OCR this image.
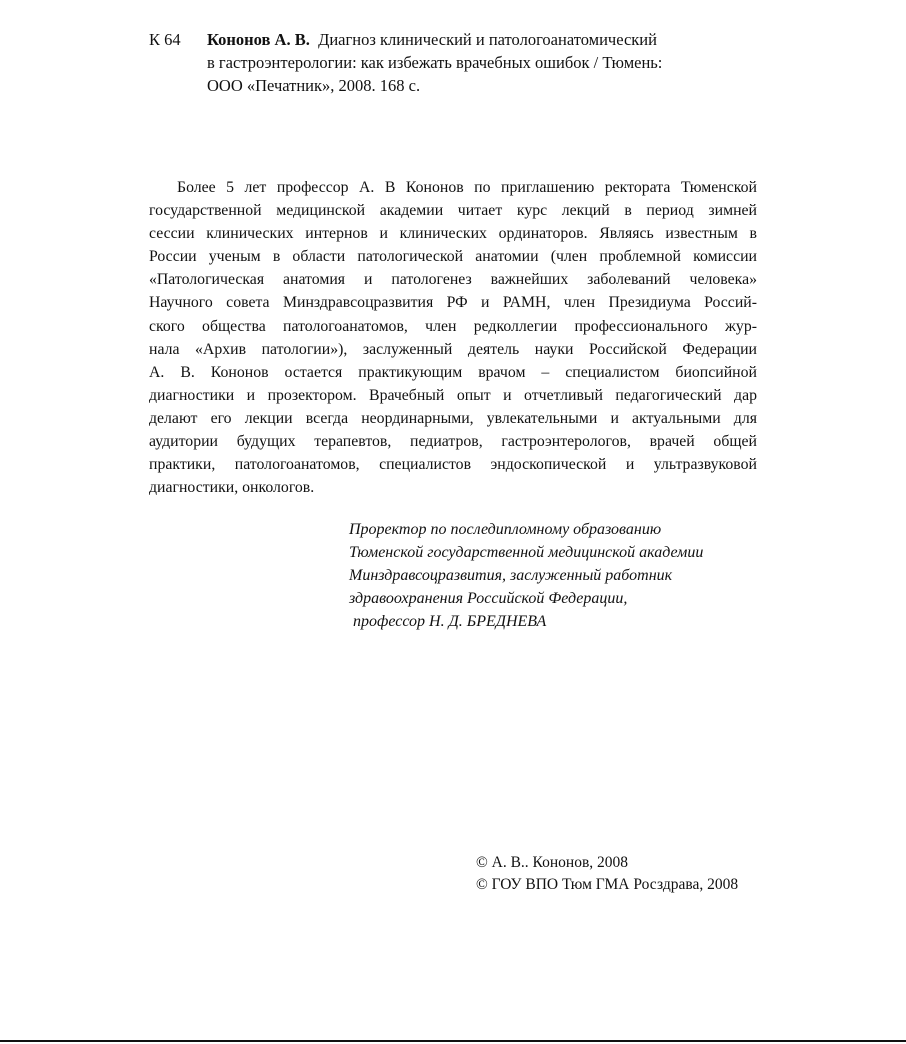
К 64	Кононов А. В. Диагноз клинический и патологоанатомический
в гастроэнтерологии: как избежать врачебных ошибок / Тюмень:
ООО «Печатник», 2008. 168 с.
Более 5 лет профессор А. В Кононов по приглашению ректората Тюменской
государственной медицинской академии читает курс лекций в период зимней
сессии клинических интернов и клинических ординаторов. Являясь известным в
России ученым в области патологической анатомии (член проблемной комиссии
«Патологическая анатомия и патологенез важнейших заболеваний человека»
Научного совета Минздравсоцразвития РФ и РАМН, член Президиума Россий-
ского общества патологоанатомов, член редколлегии профессионального жур-
нала «Архив патологии»), заслуженный деятель науки Российской Федерации
А. В. Кононов остается практикующим врачом – специалистом биопсийной
диагностики и прозектором. Врачебный опыт и отчетливый педагогический дар
делают его лекции всегда неординарными, увлекательными и актуальными для
аудитории будущих терапевтов, педиатров, гастроэнтерологов, врачей общей
практики, патологоанатомов, специалистов эндоскопической и ультразвуковой
диагностики, онкологов.
Проректор по последипломному образованию
Тюменской государственной медицинской академии
Минздравсоцразвития, заслуженный работник
здравоохранения Российской Федерации,
профессор Н. Д. БРЕДНЕВА
© А. В.. Кононов, 2008
© ГОУ ВПО Тюм ГМА Росздрава, 2008
